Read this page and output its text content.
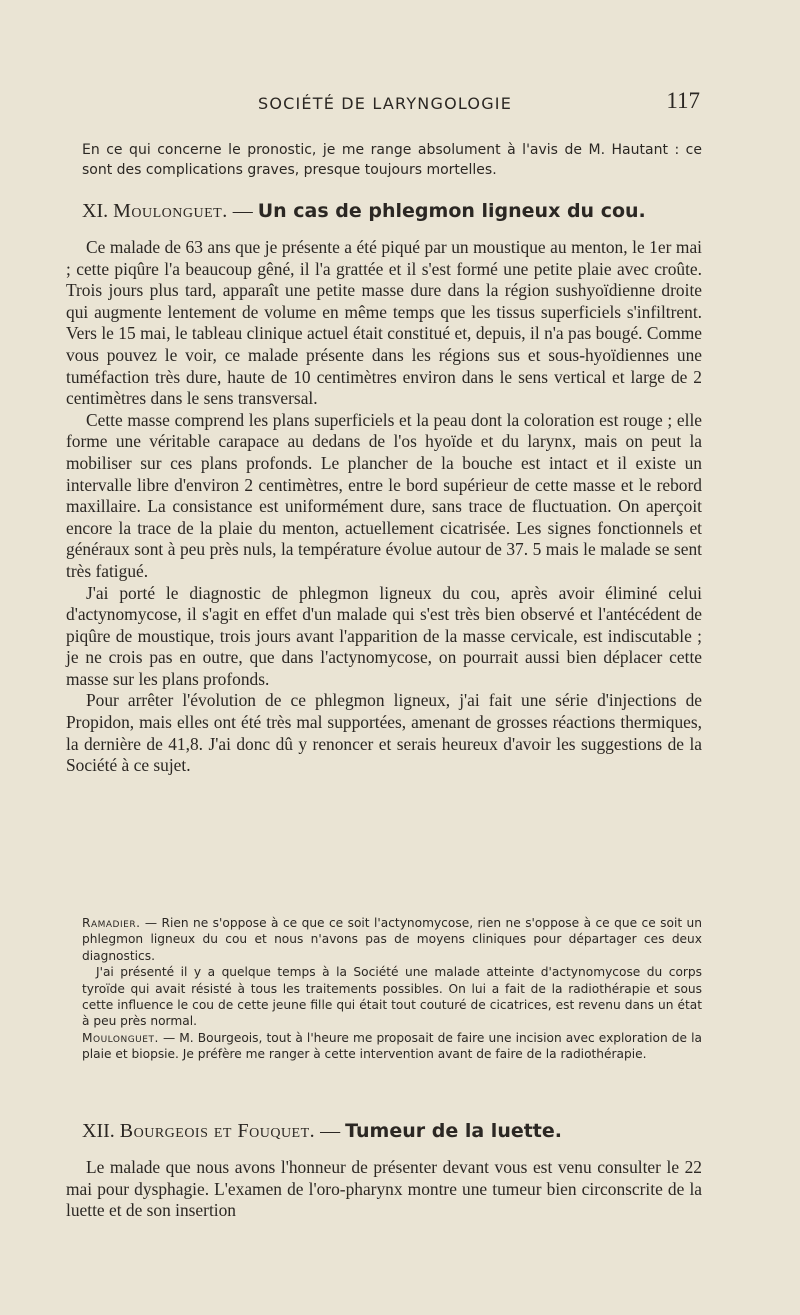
SOCIÉTÉ DE LARYNGOLOGIE	117

En ce qui concerne le pronostic, je me range absolument à l'avis de M. Hautant : ce sont des complications graves, presque toujours mortelles.

XI. Moulonguet. — Un cas de phlegmon ligneux du cou.

Ce malade de 63 ans que je présente a été piqué par un moustique au menton, le 1er mai ; cette piqûre l'a beaucoup gêné, il l'a grattée et il s'est formé une petite plaie avec croûte. Trois jours plus tard, apparaît une petite masse dure dans la région sushyoïdienne droite qui augmente lentement de volume en même temps que les tissus superficiels s'infiltrent. Vers le 15 mai, le tableau clinique actuel était constitué et, depuis, il n'a pas bougé. Comme vous pouvez le voir, ce malade présente dans les régions sus et sous-hyoïdiennes une tuméfaction très dure, haute de 10 centimètres environ dans le sens vertical et large de 2 centimètres dans le sens transversal.

Cette masse comprend les plans superficiels et la peau dont la coloration est rouge ; elle forme une véritable carapace au dedans de l'os hyoïde et du larynx, mais on peut la mobiliser sur ces plans profonds. Le plancher de la bouche est intact et il existe un intervalle libre d'environ 2 centimètres, entre le bord supérieur de cette masse et le rebord maxillaire. La consistance est uniformément dure, sans trace de fluctuation. On aperçoit encore la trace de la plaie du menton, actuellement cicatrisée. Les signes fonctionnels et généraux sont à peu près nuls, la température évolue autour de 37. 5 mais le malade se sent très fatigué.

J'ai porté le diagnostic de phlegmon ligneux du cou, après avoir éliminé celui d'actynomycose, il s'agit en effet d'un malade qui s'est très bien observé et l'antécédent de piqûre de moustique, trois jours avant l'apparition de la masse cervicale, est indiscutable ; je ne crois pas en outre, que dans l'actynomycose, on pourrait aussi bien déplacer cette masse sur les plans profonds.

Pour arrêter l'évolution de ce phlegmon ligneux, j'ai fait une série d'injections de Propidon, mais elles ont été très mal supportées, amenant de grosses réactions thermiques, la dernière de 41,8. J'ai donc dû y renoncer et serais heureux d'avoir les suggestions de la Société à ce sujet.

Ramadier. — Rien ne s'oppose à ce que ce soit l'actynomycose, rien ne s'oppose à ce que ce soit un phlegmon ligneux du cou et nous n'avons pas de moyens cliniques pour départager ces deux diagnostics.

J'ai présenté il y a quelque temps à la Société une malade atteinte d'actynomycose du corps tyroïde qui avait résisté à tous les traitements possibles. On lui a fait de la radiothérapie et sous cette influence le cou de cette jeune fille qui était tout couturé de cicatrices, est revenu dans un état à peu près normal.

Moulonguet. — M. Bourgeois, tout à l'heure me proposait de faire une incision avec exploration de la plaie et biopsie. Je préfère me ranger à cette intervention avant de faire de la radiothérapie.

XII. Bourgeois et Fouquet. — Tumeur de la luette.

Le malade que nous avons l'honneur de présenter devant vous est venu consulter le 22 mai pour dysphagie. L'examen de l'oro-pharynx montre une tumeur bien circonscrite de la luette et de son insertion
